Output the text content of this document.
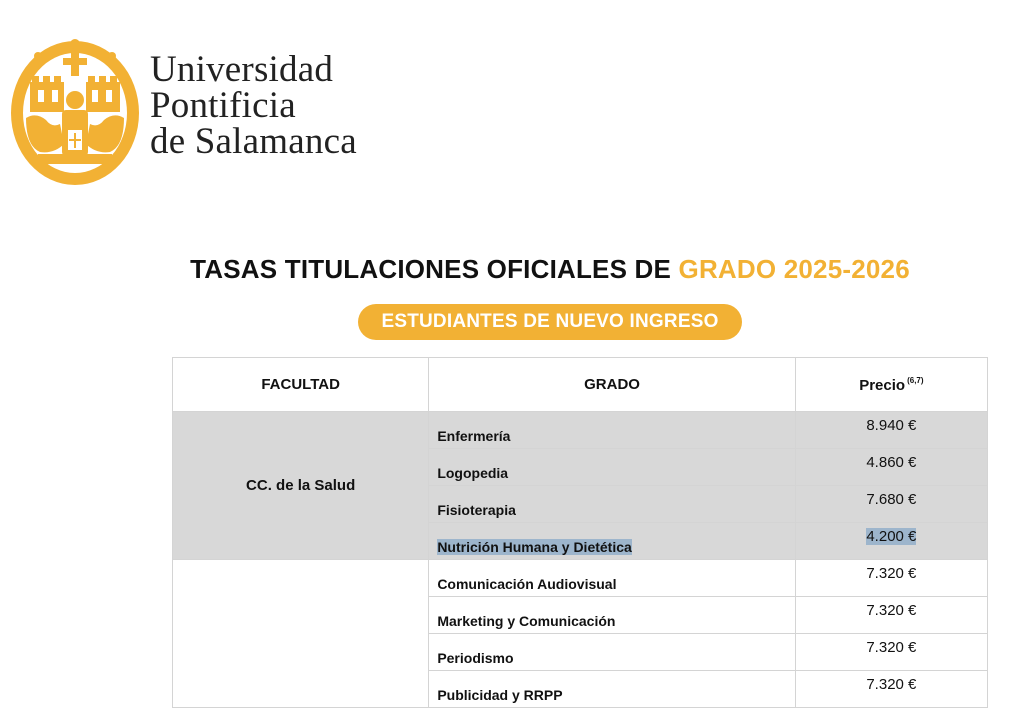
Universidad
Pontificia
de Salamanca
TASAS TITULACIONES OFICIALES DE GRADO 2025-2026
ESTUDIANTES DE NUEVO INGRESO
FACULTAD	GRADO	Precio $^{(6,7)}$
CC. de la Salud	Enfermería	8.940 €
	Logopedia	4.860 €
	Fisioterapia	7.680 €
	Nutrición Humana y Dietética	4.200 €
	Comunicación Audiovisual	7.320 €
	Marketing y Comunicación	7.320 €
	Periodismo	7.320 €
	Publicidad y RRPP	7.320 €
